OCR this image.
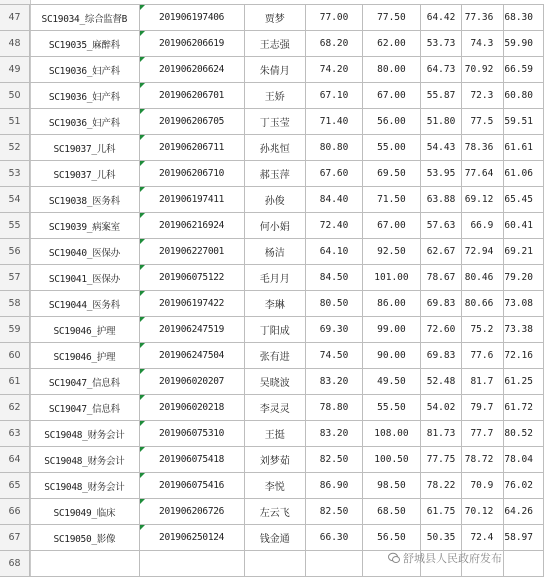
47	SC19034_综合监督B	201906197406	贾梦	77.00	77.50	64.42	77.36	68.30
48	SC19035_麻醉科	201906206619	王志强	68.20	62.00	53.73	74.3	59.90
49	SC19036_妇产科	201906206624	朱倩月	74.20	80.00	64.73	70.92	66.59
50	SC19036_妇产科	201906206701	王娇	67.10	67.00	55.87	72.3	60.80
51	SC19036_妇产科	201906206705	丁玉莹	71.40	56.00	51.80	77.5	59.51
52	SC19037_儿科	201906206711	孙兆恒	80.80	55.00	54.43	78.36	61.61
53	SC19037_儿科	201906206710	郝玉萍	67.60	69.50	53.95	77.64	61.06
54	SC19038_医务科	201906197411	孙俊	84.40	71.50	63.88	69.12	65.45
55	SC19039_病案室	201906216924	何小娟	72.40	67.00	57.63	66.9	60.41
56	SC19040_医保办	201906227001	杨洁	64.10	92.50	62.67	72.94	69.21
57	SC19041_医保办	201906075122	毛月月	84.50	101.00	78.67	80.46	79.20
58	SC19044_医务科	201906197422	李琳	80.50	86.00	69.83	80.66	73.08
59	SC19046_护理	201906247519	丁阳成	69.30	99.00	72.60	75.2	73.38
60	SC19046_护理	201906247504	张有进	74.50	90.00	69.83	77.6	72.16
61	SC19047_信息科	201906020207	吴晓波	83.20	49.50	52.48	81.7	61.25
62	SC19047_信息科	201906020218	李灵灵	78.80	55.50	54.02	79.7	61.72
63	SC19048_财务会计	201906075310	王挺	83.20	108.00	81.73	77.7	80.52
64	SC19048_财务会计	201906075418	刘梦茹	82.50	100.50	77.75	78.72	78.04
65	SC19048_财务会计	201906075416	李悦	86.90	98.50	78.22	70.9	76.02
66	SC19049_临床	201906206726	左云飞	82.50	68.50	61.75	70.12	64.26
67	SC19050_影像	201906250124	钱金通	66.30	56.50	50.35	72.4	58.97
68									舒城县人民政府发布
